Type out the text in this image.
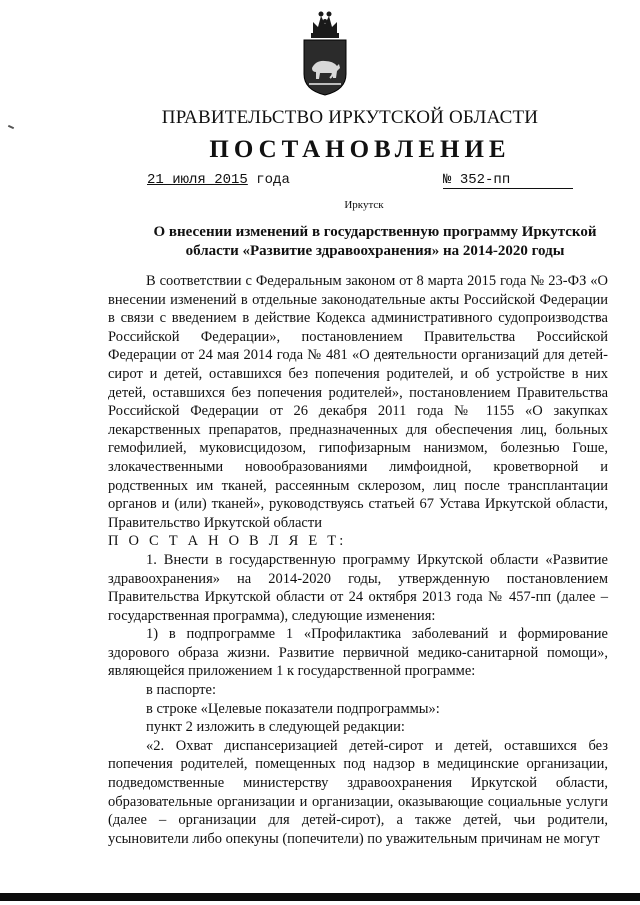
ПРАВИТЕЛЬСТВО ИРКУТСКОЙ ОБЛАСТИ
ПОСТАНОВЛЕНИЕ
21 июля 2015 года	№ 352-пп
Иркутск
О внесении изменений в государственную программу Иркутской области «Развитие здравоохранения» на 2014-2020 годы

В соответствии с Федеральным законом от 8 марта 2015 года № 23-ФЗ «О внесении изменений в отдельные законодательные акты Российской Федерации в связи с введением в действие Кодекса административного судопроизводства Российской Федерации», постановлением Правительства Российской Федерации от 24 мая 2014 года № 481 «О деятельности организаций для детей-сирот и детей, оставшихся без попечения родителей, и об устройстве в них детей, оставшихся без попечения родителей», постановлением Правительства Российской Федерации от 26 декабря 2011 года № 1155 «О закупках лекарственных препаратов, предназначенных для обеспечения лиц, больных гемофилией, муковисцидозом, гипофизарным нанизмом, болезнью Гоше, злокачественными новообразованиями лимфоидной, кроветворной и родственных им тканей, рассеянным склерозом, лиц после трансплантации органов и (или) тканей», руководствуясь статьей 67 Устава Иркутской области, Правительство Иркутской области

П О С Т А Н О В Л Я Е Т:

1. Внести в государственную программу Иркутской области «Развитие здравоохранения» на 2014-2020 годы, утвержденную постановлением Правительства Иркутской области от 24 октября 2013 года № 457-пп (далее – государственная программа), следующие изменения:

1) в подпрограмме 1 «Профилактика заболеваний и формирование здорового образа жизни. Развитие первичной медико-санитарной помощи», являющейся приложением 1 к государственной программе:

в паспорте:

в строке «Целевые показатели подпрограммы»:

пункт 2 изложить в следующей редакции:

«2. Охват диспансеризацией детей-сирот и детей, оставшихся без попечения родителей, помещенных под надзор в медицинские организации, подведомственные министерству здравоохранения Иркутской области, образовательные организации и организации, оказывающие социальные услуги (далее – организации для детей-сирот), а также детей, чьи родители, усыновители либо опекуны (попечители) по уважительным причинам не могут
